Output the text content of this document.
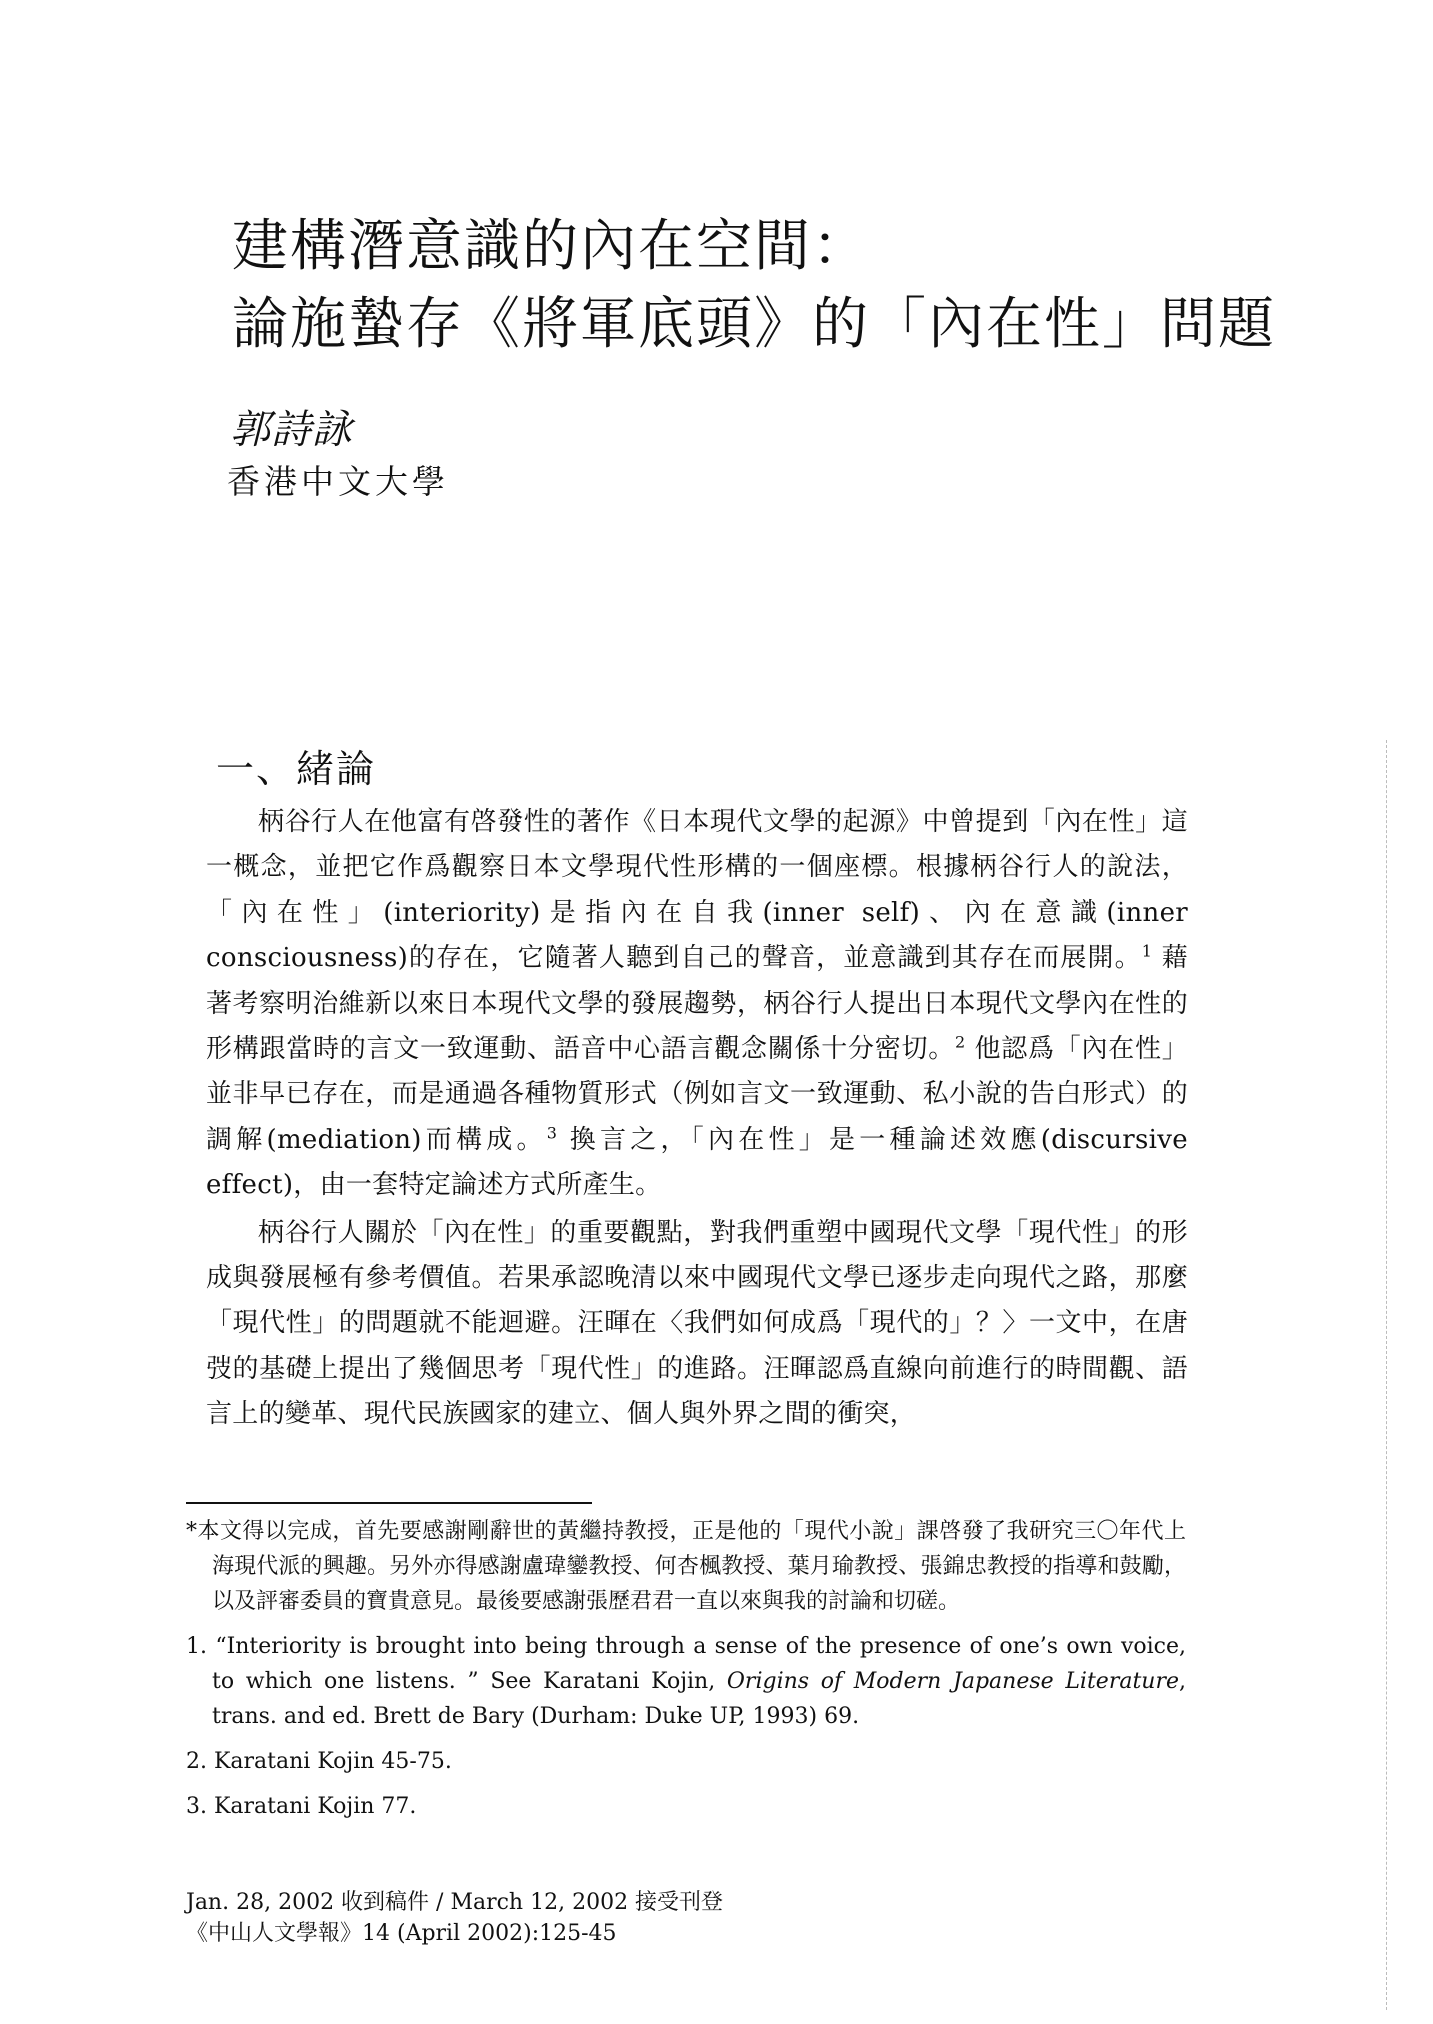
建構潛意識的內在空間：
論施蟄存《將軍底頭》的「內在性」問題
郭詩詠
香港中文大學
一、緒論

柄谷行人在他富有啓發性的著作《日本現代文學的起源》中曾提到「內在性」這一概念，並把它作爲觀察日本文學現代性形構的一個座標。根據柄谷行人的說法，「內在性」(interiority)是指內在自我(inner self)、內在意識(inner consciousness)的存在，它隨著人聽到自己的聲音，並意識到其存在而展開。$^1$ 藉著考察明治維新以來日本現代文學的發展趨勢，柄谷行人提出日本現代文學內在性的形構跟當時的言文一致運動、語音中心語言觀念關係十分密切。$^2$ 他認爲「內在性」並非早已存在，而是通過各種物質形式（例如言文一致運動、私小說的告白形式）的調解(mediation)而構成。$^3$ 換言之，「內在性」是一種論述效應(discursive effect)，由一套特定論述方式所產生。

柄谷行人關於「內在性」的重要觀點，對我們重塑中國現代文學「現代性」的形成與發展極有參考價值。若果承認晚清以來中國現代文學已逐步走向現代之路，那麼「現代性」的問題就不能迴避。汪暉在〈我們如何成爲「現代的」？〉一文中，在唐弢的基礎上提出了幾個思考「現代性」的進路。汪暉認爲直線向前進行的時間觀、語言上的變革、現代民族國家的建立、個人與外界之間的衝突，

*本文得以完成，首先要感謝剛辭世的黃繼持教授，正是他的「現代小說」課啓發了我研究三〇年代上海現代派的興趣。另外亦得感謝盧瑋鑾教授、何杏楓教授、葉月瑜教授、張錦忠教授的指導和鼓勵，以及評審委員的寶貴意見。最後要感謝張歷君君一直以來與我的討論和切磋。

1. “Interiority is brought into being through a sense of the presence of one’s own voice, to which one listens. ” See Karatani Kojin, Origins of Modern Japanese Literature, trans. and ed. Brett de Bary (Durham: Duke UP, 1993) 69.

2. Karatani Kojin 45-75.

3. Karatani Kojin 77.

Jan. 28, 2002 收到稿件 / March 12, 2002 接受刊登
《中山人文學報》14 (April 2002):125-45
